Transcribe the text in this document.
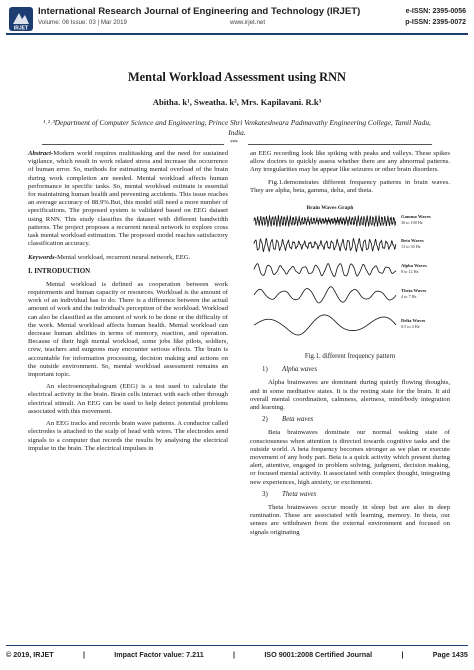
IRJET
International Research Journal of Engineering and Technology (IRJET)
Volume: 06 Issue: 03 | Mar 2019	www.irjet.net
e-ISSN: 2395-0056
p-ISSN: 2395-0072
Mental Workload Assessment using RNN
Abitha. k¹, Sweatha. k², Mrs. Kapilavani. R.k³
¹˒²˒³Department of Computer Science and Engineering, Prince Shri Venkateshwara Padmavathy Engineering College, Tamil Nadu, India.
***

Abstract-Modern world requires multitasking and the need for sustained vigilance, which result in work related stress and increase the occurrence of human error. So, methods for estimating mental overload of the brain during work completion are needed. Mental workload affects human performance in specific tasks. So, mental workload estimate is essential for maintaining human health and preventing accidents. This issue reaches an average accuracy of 88.9%.But, this model still need a more number of specifications. The proposed system is validated based on EEG dataset using RNN. This study classifies the dataset with different bandwidth patterns. The project proposes a recurrent neural network to explore cross task mental workload estimation. The proposed model reaches satisfactory classification accuracy.

Keywords-Mental workload, recurrent neural network, EEG.

I. INTRODUCTION

Mental workload is defined as cooperation between work requirements and human capacity or resources. Workload is the amount of work of an individual has to do. There is a difference between the actual amount of work and the individual's perception of the workload. Workload can also be classified as the amount of work to be done or the difficulty of the work. Mental workload affects human health. Mental workload can decrease human abilities in terms of memory, reaction, and operation. Because of their high mental workload, some jobs like pilots, soldiers, crew, teachers and surgeons may encounter serious effects. The brain is accountable for information processing, decision making and actions on the outside environment. So, mental workload assessment remains an important topic.

An electroencephalogram (EEG) is a test used to calculate the electrical activity in the brain. Brain cells interact with each other through electrical stimuli. An EEG can be used to help detect potential problems associated with this movement.

An EEG tracks and records brain wave patterns. A conductor called electrodes is attached to the scalp of head with wires. The electrodes send signals to a computer that records the results by analysing the electrical impulse in the brain. The electrical impulses in

an EEG recording look like spiking with peaks and valleys. These spikes allow doctors to quickly assess whether there are any abnormal patterns. Any irregularities may be appear like seizures or other brain disorders.

Fig.1.demonstrates different frequency patterns in brain waves. They are alpha, beta, gamma, delta, and theta.

Brain Waves Graph
Gamma Waves
30 to 100 Hz
Beta Waves
13 to 30 Hz
Alpha Waves
8 to 12 Hz
Theta Waves
4 to 7 Hz
Delta Waves
0.5 to 4 Hz
Fig.1. different frequency pattern
1)	Alpha waves

Alpha brainwaves are dominant during quietly flowing thoughts, and in some meditative states. It is the resting state for the brain. It aid overall mental coordination, calmness, alertness, mind/body integration and learning.

2)	Beta waves

Beta brainwaves dominate our normal waking state of consciousness when attention is directed towards cognitive tasks and the outside world. A beta frequency becomes stronger as we plan or execute movement of any body part. Beta is a quick activity which present during alert, attentive, engaged in problem solving, judgment, decision making, or focused mental activity. It associated with complex thought, integrating new experiences, high anxiety, or excitement.

3)	Theta waves

Theta brainwaves occur mostly in sleep but are also in deep rumination. These are associated with learning, memory. In theta, our senses are withdrawn from the external environment and focused on signals originating

© 2019, IRJET	|	Impact Factor value: 7.211	|	ISO 9001:2008 Certified Journal	|	Page 1435
